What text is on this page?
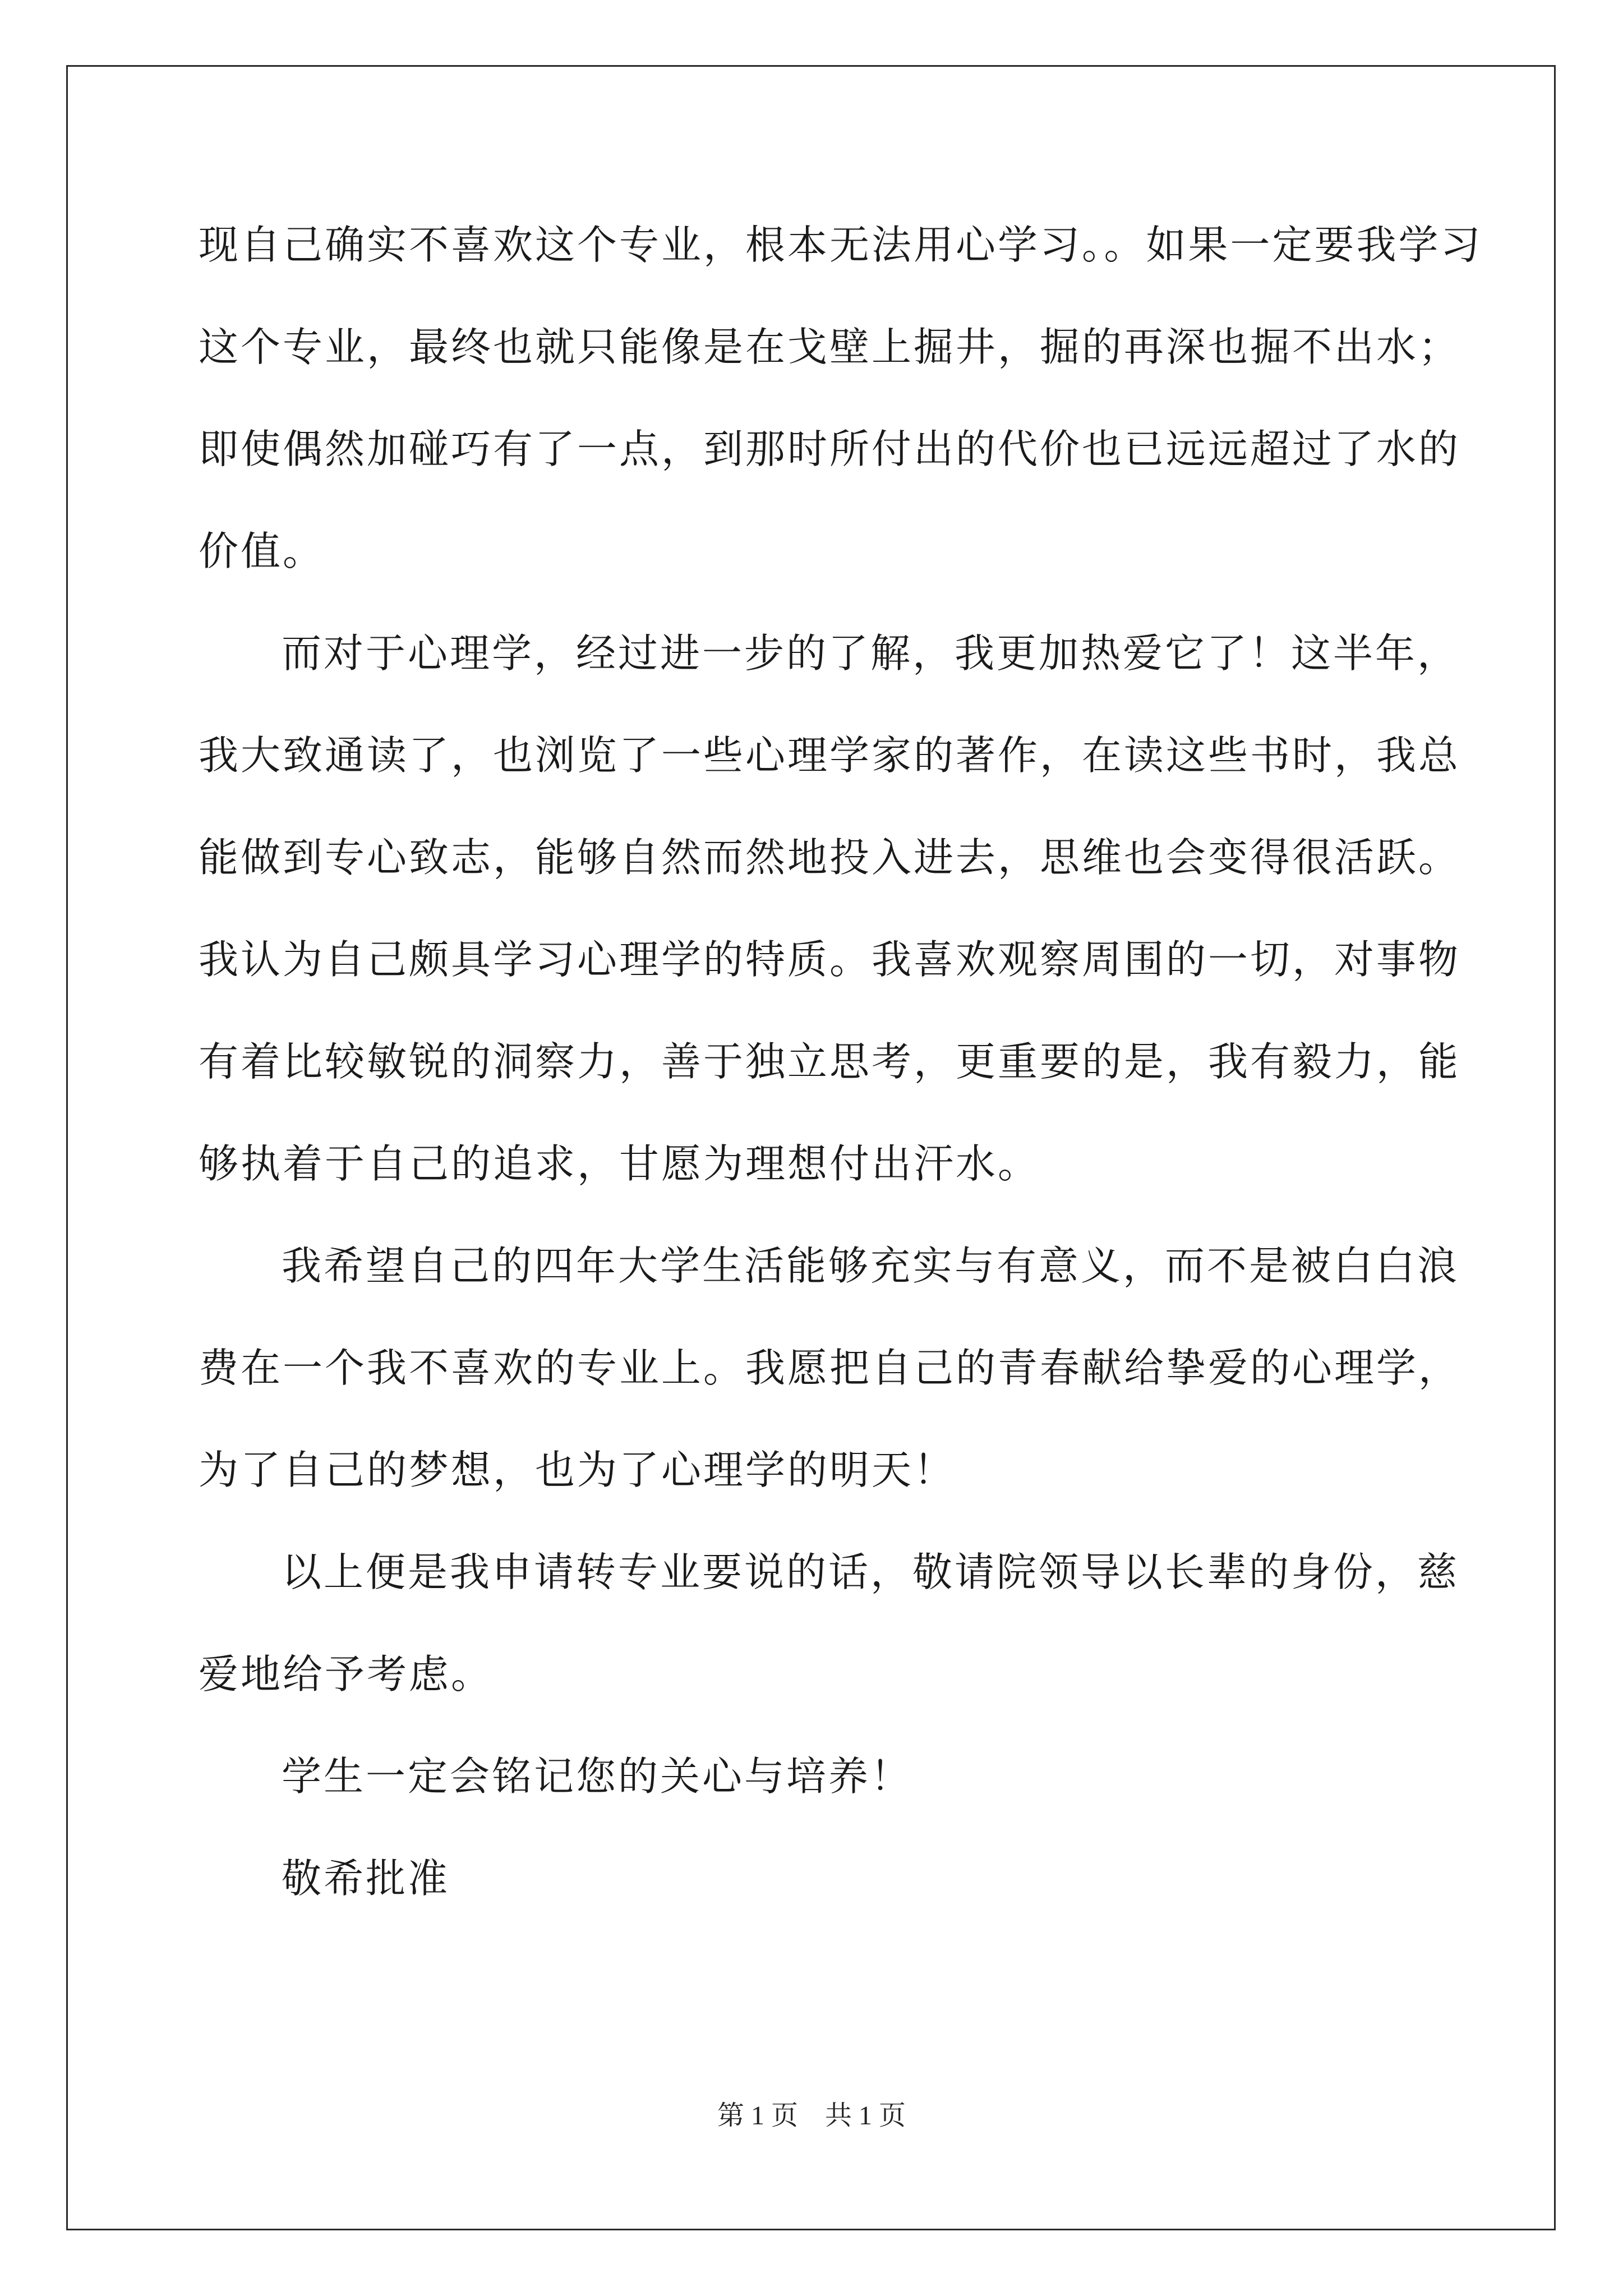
现自己确实不喜欢这个专业，根本无法用心学习。。如果一定要我学习
这个专业，最终也就只能像是在戈壁上掘井，掘的再深也掘不出水；
即使偶然加碰巧有了一点，到那时所付出的代价也已远远超过了水的
价值。
而对于心理学，经过进一步的了解，我更加热爱它了！这半年，
我大致通读了，也浏览了一些心理学家的著作，在读这些书时，我总
能做到专心致志，能够自然而然地投入进去，思维也会变得很活跃。
我认为自己颇具学习心理学的特质。我喜欢观察周围的一切，对事物
有着比较敏锐的洞察力，善于独立思考，更重要的是，我有毅力，能
够执着于自己的追求，甘愿为理想付出汗水。
我希望自己的四年大学生活能够充实与有意义，而不是被白白浪
费在一个我不喜欢的专业上。我愿把自己的青春献给挚爱的心理学，
为了自己的梦想，也为了心理学的明天！
以上便是我申请转专业要说的话，敬请院领导以长辈的身份，慈
爱地给予考虑。
学生一定会铭记您的关心与培养！
敬希批准
第 1 页　共 1 页
